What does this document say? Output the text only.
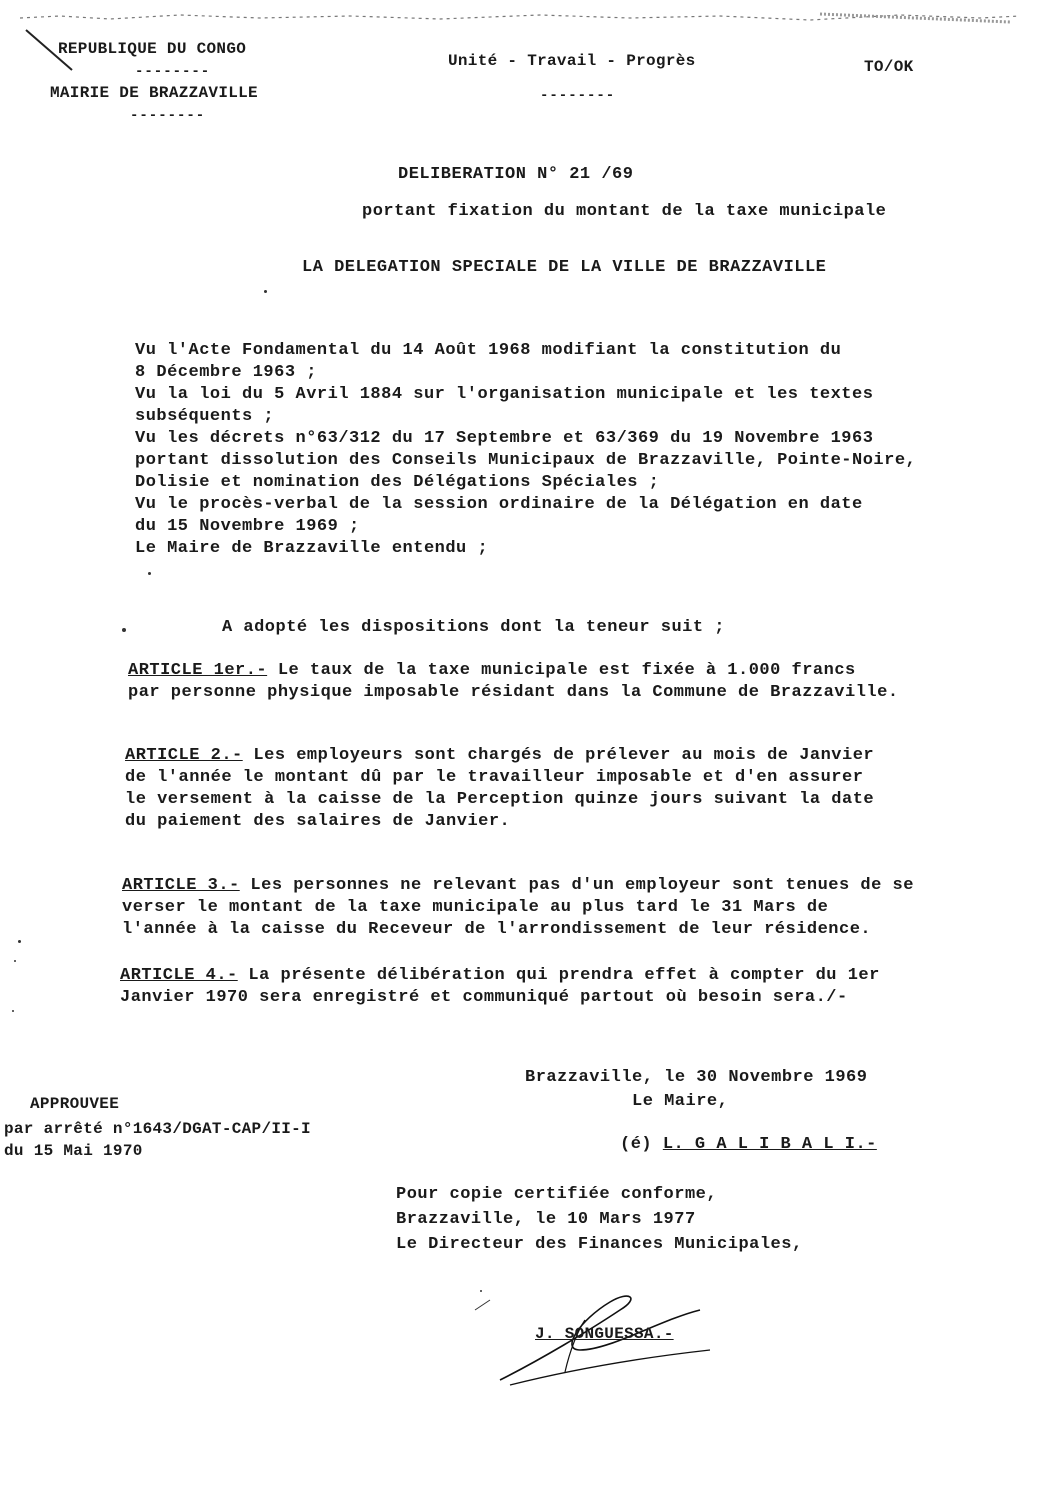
REPUBLIQUE DU CONGO
--------
MAIRIE DE BRAZZAVILLE
--------
Unité - Travail - Progrès
--------
TO/OK
DELIBERATION N° 21 /69
portant fixation du montant de la taxe municipale
LA DELEGATION SPECIALE DE LA VILLE DE BRAZZAVILLE
Vu l'Acte Fondamental du 14 Août 1968 modifiant la constitution du
8 Décembre 1963 ;
Vu la loi du 5 Avril 1884 sur l'organisation municipale et les textes
subséquents ;
Vu les décrets n°63/312 du 17 Septembre et 63/369 du 19 Novembre 1963
portant dissolution des Conseils Municipaux de Brazzaville, Pointe-Noire,
Dolisie et nomination des Délégations Spéciales ;
Vu le procès-verbal de la session ordinaire de la Délégation en date
du 15 Novembre 1969 ;
Le Maire de Brazzaville entendu ;
A adopté les dispositions dont la teneur suit ;
ARTICLE 1er.- Le taux de la taxe municipale est fixée à 1.000 francs
par personne physique imposable résidant dans la Commune de Brazzaville.
ARTICLE 2.- Les employeurs sont chargés de prélever au mois de Janvier
de l'année le montant dû par le travailleur imposable et d'en assurer
le versement à la caisse de la Perception quinze jours suivant la date
du paiement des salaires de Janvier.
ARTICLE 3.- Les personnes ne relevant pas d'un employeur sont tenues de se
verser le montant de la taxe municipale au plus tard le 31 Mars de
l'année à la caisse du Receveur de l'arrondissement de leur résidence.
ARTICLE 4.- La présente délibération qui prendra effet à compter du 1er
Janvier 1970 sera enregistré et communiqué partout où besoin sera./-
Brazzaville, le 30 Novembre 1969
Le Maire,
(é) L. G A L I B A L I.-
APPROUVEE
par arrêté n°1643/DGAT-CAP/II-I
du 15 Mai 1970
Pour copie certifiée conforme,
Brazzaville, le 10 Mars 1977
Le Directeur des Finances Municipales,
J. SONGUESSA.-
